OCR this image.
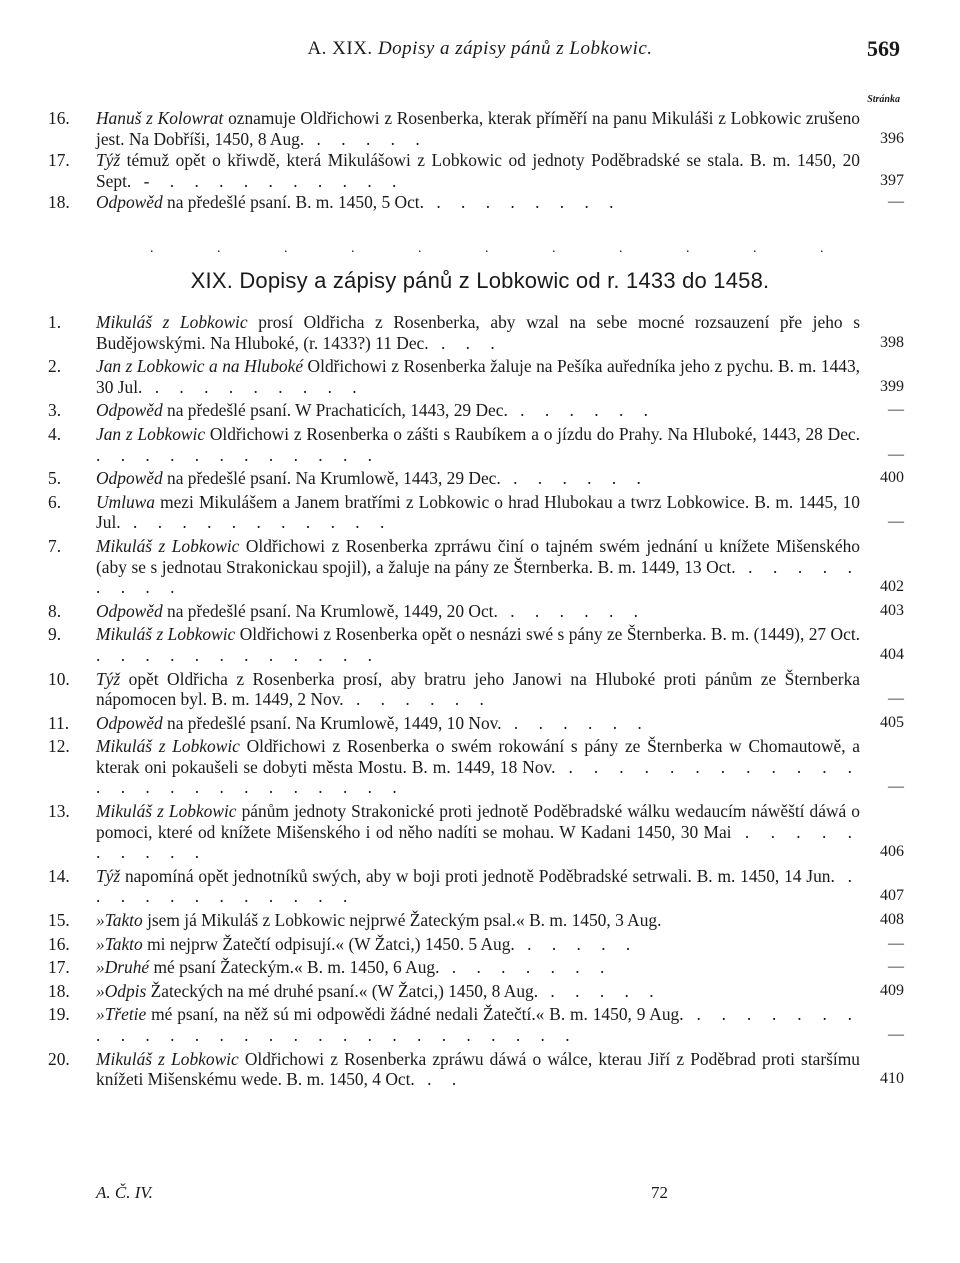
A. XIX. Dopisy a zápisy pánů z Lobkowic.	569
Stránka
16.	Hanuš z Kolowrat oznamuje Oldřichowi z Rosenberka, kterak příměří na panu Mikuláši z Lobkowic zrušeno jest. Na Dobříši, 1450, 8 Aug. . . . . .	396
17.	Týž témuž opět o křiwdě, která Mikulášowi z Lobkowic od jednoty Poděbradské se stala. B. m. 1450, 20 Sept. - . . . . . . . . . .	397
18.	Odpowěd na předešlé psaní. B. m. 1450, 5 Oct. . . . . . . . .	—
. . . . . . . . . . .
XIX. Dopisy a zápisy pánů z Lobkowic od r. 1433 do 1458.
1.	Mikuláš z Lobkowic prosí Oldřicha z Rosenberka, aby wzal na sebe mocné rozsauzení pře jeho s Budějowskými. Na Hluboké, (r. 1433?) 11 Dec. . . .	398
2.	Jan z Lobkowic a na Hluboké Oldřichowi z Rosenberka žaluje na Pešíka auředníka jeho z pychu. B. m. 1443, 30 Jul. . . . . . . . . .	399
3.	Odpowěd na předešlé psaní. W Prachaticích, 1443, 29 Dec. . . . . . .	—
4.	Jan z Lobkowic Oldřichowi z Rosenberka o zášti s Raubíkem a o jízdu do Prahy. Na Hluboké, 1443, 28 Dec. . . . . . . . . . . . .	—
5.	Odpowěd na předešlé psaní. Na Krumlowě, 1443, 29 Dec. . . . . . .	400
6.	Umluwa mezi Mikulášem a Janem bratřími z Lobkowic o hrad Hlubokau a twrz Lobkowice. B. m. 1445, 10 Jul. . . . . . . . . . . .	—
7.	Mikuláš z Lobkowic Oldřichowi z Rosenberka zprráwu činí o tajném swém jednání u knížete Mišenského (aby se s jednotau Strakonickau spojil), a žaluje na pány ze Šternberka. B. m. 1449, 13 Oct. . . . . . . . . .	402
8.	Odpowěd na předešlé psaní. Na Krumlowě, 1449, 20 Oct. . . . . . .	403
9.	Mikuláš z Lobkowic Oldřichowi z Rosenberka opět o nesnázi swé s pány ze Šternberka. B. m. (1449), 27 Oct. . . . . . . . . . . . .	404
10.	Týž opět Oldřicha z Rosenberka prosí, aby bratru jeho Janowi na Hluboké proti pánům ze Šternberka nápomocen byl. B. m. 1449, 2 Nov. . . . . . .	—
11.	Odpowěd na předešlé psaní. Na Krumlowě, 1449, 10 Nov. . . . . . .	405
12.	Mikuláš z Lobkowic Oldřichowi z Rosenberka o swém rokowání s pány ze Šternberka w Chomautowě, a kterak oni pokaušeli se dobyti města Mostu. B. m. 1449, 18 Nov. . . . . . . . . . . . . . . . . . . . . . . . . .	—
13.	Mikuláš z Lobkowic pánům jednoty Strakonické proti jednotě Poděbradské wálku wedaucím náwěští dáwá o pomoci, které od knížete Mišenského i od něho nadíti se mohau. W Kadani 1450, 30 Mai . . . . . . . . . .	406
14.	Týž napomíná opět jednotníků swých, aby w boji proti jednotě Poděbradské setrwali. B. m. 1450, 14 Jun. . . . . . . . . . . . .	407
15.	»Takto jsem já Mikuláš z Lobkowic nejprwé Žateckým psal.« B. m. 1450, 3 Aug.	408
16.	»Takto mi nejprw Žatečtí odpisují.« (W Žatci,) 1450. 5 Aug. . . . . .	—
17.	»Druhé mé psaní Žateckým.« B. m. 1450, 6 Aug. . . . . . . .	—
18.	»Odpis Žateckých na mé druhé psaní.« (W Žatci,) 1450, 8 Aug. . . . . .	409
19.	»Třetie mé psaní, na něž sú mi odpowědi žádné nedali Žatečtí.« B. m. 1450, 9 Aug. . . . . . . . . . . . . . . . . . . . . . . . . . . .	—
20.	Mikuláš z Lobkowic Oldřichowi z Rosenberka zpráwu dáwá o wálce, kterau Jiří z Poděbrad proti staršímu knížeti Mišenskému wede. B. m. 1450, 4 Oct. . .	410
A. Č. IV.	72
